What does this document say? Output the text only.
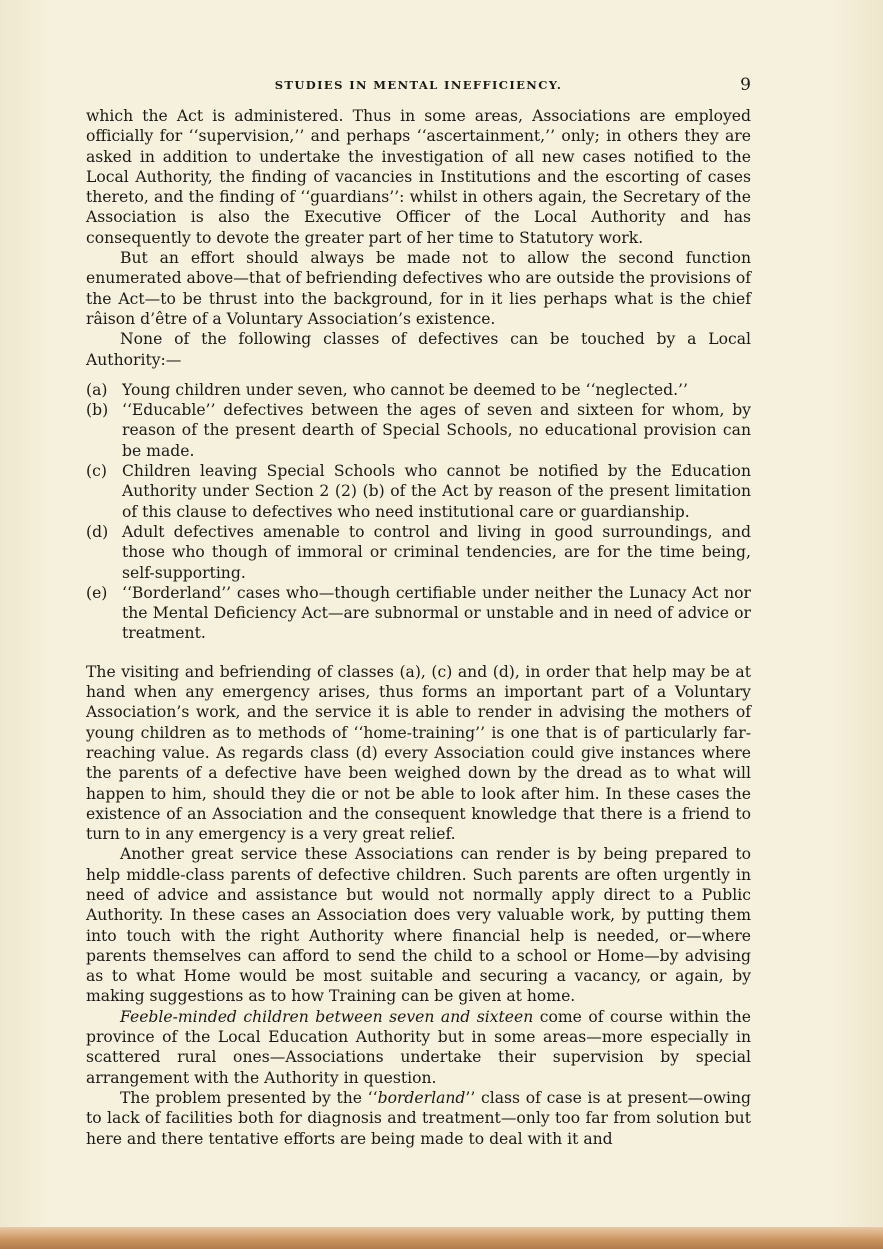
STUDIES IN MENTAL INEFFICIENCY.	9

which the Act is administered. Thus in some areas, Associations are employed officially for ‘‘supervision,’’ and perhaps ‘‘ascertainment,’’ only; in others they are asked in addition to undertake the investigation of all new cases notified to the Local Authority, the finding of vacancies in Institutions and the escorting of cases thereto, and the finding of ‘‘guardians’’: whilst in others again, the Secretary of the Association is also the Executive Officer of the Local Authority and has consequently to devote the greater part of her time to Statutory work.

But an effort should always be made not to allow the second function enumerated above—that of befriending defectives who are outside the provisions of the Act—to be thrust into the background, for in it lies perhaps what is the chief râison d’être of a Voluntary Association’s existence.

None of the following classes of defectives can be touched by a Local Authority:—

(a) Young children under seven, who cannot be deemed to be ‘‘neglected.’’
(b) ‘‘Educable’’ defectives between the ages of seven and sixteen for whom, by reason of the present dearth of Special Schools, no educational provision can be made.
(c) Children leaving Special Schools who cannot be notified by the Education Authority under Section 2 (2) (b) of the Act by reason of the present limitation of this clause to defectives who need institutional care or guardianship.
(d) Adult defectives amenable to control and living in good surroundings, and those who though of immoral or criminal tendencies, are for the time being, self-supporting.
(e) ‘‘Borderland’’ cases who—though certifiable under neither the Lunacy Act nor the Mental Deficiency Act—are subnormal or unstable and in need of advice or treatment.

The visiting and befriending of classes (a), (c) and (d), in order that help may be at hand when any emergency arises, thus forms an important part of a Voluntary Association’s work, and the service it is able to render in advising the mothers of young children as to methods of ‘‘home-training’’ is one that is of particularly far-reaching value. As regards class (d) every Association could give instances where the parents of a defective have been weighed down by the dread as to what will happen to him, should they die or not be able to look after him. In these cases the existence of an Association and the consequent knowledge that there is a friend to turn to in any emergency is a very great relief.

Another great service these Associations can render is by being prepared to help middle-class parents of defective children. Such parents are often urgently in need of advice and assistance but would not normally apply direct to a Public Authority. In these cases an Association does very valuable work, by putting them into touch with the right Authority where financial help is needed, or—where parents themselves can afford to send the child to a school or Home—by advising as to what Home would be most suitable and securing a vacancy, or again, by making suggestions as to how Training can be given at home.

Feeble-minded children between seven and sixteen come of course within the province of the Local Education Authority but in some areas—more especially in scattered rural ones—Associations undertake their supervision by special arrangement with the Authority in question.

The problem presented by the ‘‘borderland’’ class of case is at present—owing to lack of facilities both for diagnosis and treatment—only too far from solution but here and there tentative efforts are being made to deal with it and
